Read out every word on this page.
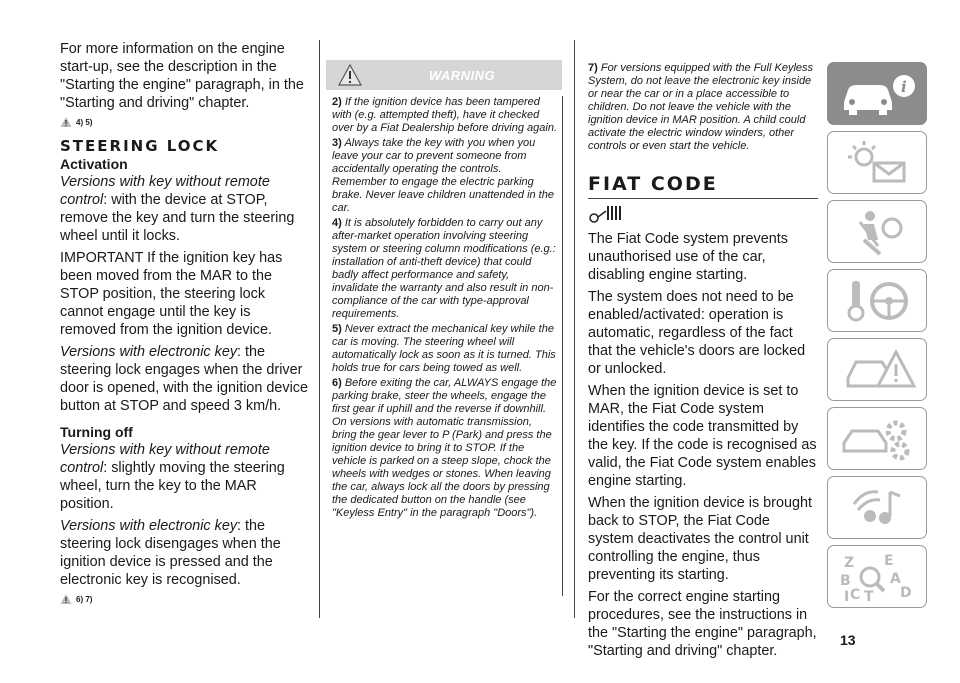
For more information on the engine start-up, see the description in the "Starting the engine" paragraph, in the "Starting and driving" chapter.

4) 5)
STEERING LOCK
Activation

Versions with key without remote control: with the device at STOP, remove the key and turn the steering wheel until it locks.

IMPORTANT If the ignition key has been moved from the MAR to the STOP position, the steering lock cannot engage until the key is removed from the ignition device.

Versions with electronic key: the steering lock engages when the driver door is opened, with the ignition device button at STOP and speed 3 km/h.

Turning off

Versions with key without remote control: slightly moving the steering wheel, turn the key to the MAR position.

Versions with electronic key: the steering lock disengages when the ignition device is pressed and the electronic key is recognised.

6) 7)
WARNING

2) If the ignition device has been tampered with (e.g. attempted theft), have it checked over by a Fiat Dealership before driving again.

3) Always take the key with you when you leave your car to prevent someone from accidentally operating the controls. Remember to engage the electric parking brake. Never leave children unattended in the car.

4) It is absolutely forbidden to carry out any after-market operation involving steering system or steering column modifications (e.g.: installation of anti-theft device) that could badly affect performance and safety, invalidate the warranty and also result in non-compliance of the car with type-approval requirements.

5) Never extract the mechanical key while the car is moving. The steering wheel will automatically lock as soon as it is turned. This holds true for cars being towed as well.

6) Before exiting the car, ALWAYS engage the parking brake, steer the wheels, engage the first gear if uphill and the reverse if downhill. On versions with automatic transmission, bring the gear lever to P (Park) and press the ignition device to bring it to STOP. If the vehicle is parked on a steep slope, chock the wheels with wedges or stones. When leaving the car, always lock all the doors by pressing the dedicated button on the handle (see "Keyless Entry" in the paragraph "Doors").

7) For versions equipped with the Full Keyless System, do not leave the electronic key inside or near the car or in a place accessible to children. Do not leave the vehicle with the ignition device in MAR position. A child could activate the electric window winders, other controls or even start the vehicle.

FIAT CODE

The Fiat Code system prevents unauthorised use of the car, disabling engine starting.

The system does not need to be enabled/activated: operation is automatic, regardless of the fact that the vehicle's doors are locked or unlocked.

When the ignition device is set to MAR, the Fiat Code system identifies the code transmitted by the key. If the code is recognised as valid, the Fiat Code system enables engine starting.

When the ignition device is brought back to STOP, the Fiat Code system deactivates the control unit controlling the engine, thus preventing its starting.

For the correct engine starting procedures, see the instructions in the "Starting the engine" paragraph, "Starting and driving" chapter.

i
Z E
B	A
C	D
I T
13
